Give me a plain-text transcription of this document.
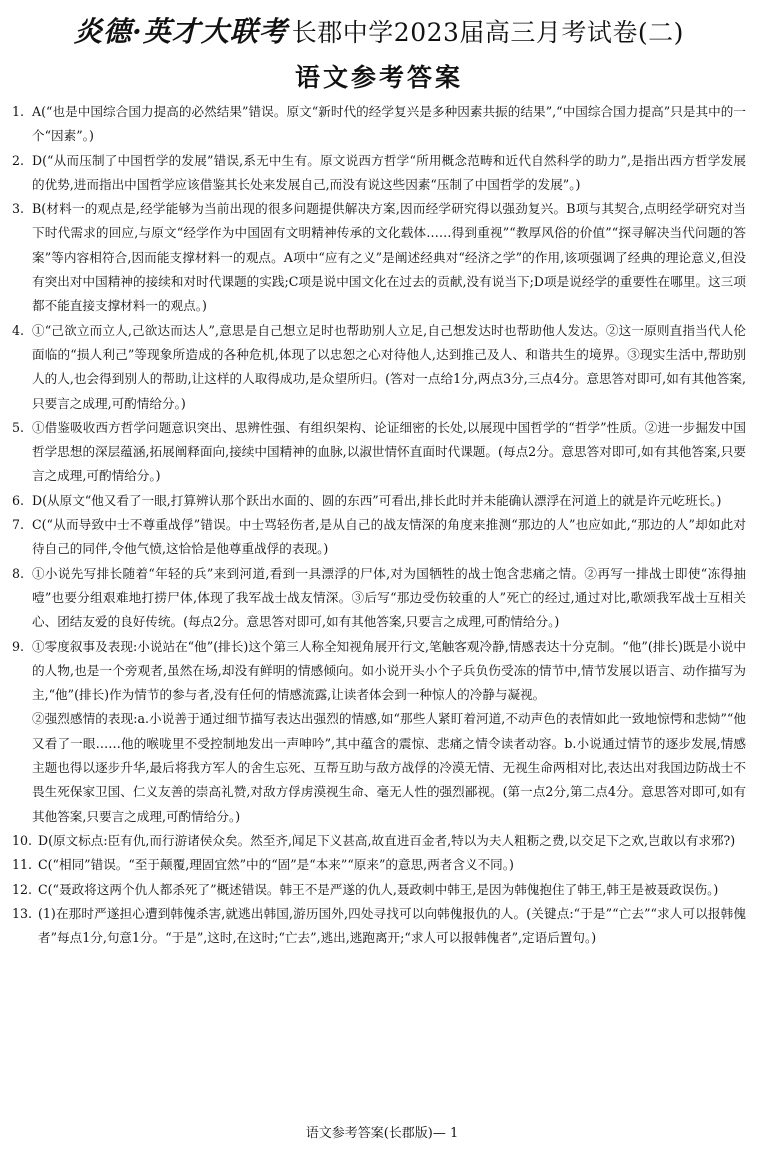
炎德·英才大联考 长郡中学2023届高三月考试卷(二)
语文参考答案
1. A(“也是中国综合国力提高的必然结果”错误。原文“新时代的经学复兴是多种因素共振的结果”,“中国综合国力提高”只是其中的一个“因素”。)
2. D(“从而压制了中国哲学的发展”错误,系无中生有。原文说西方哲学“所用概念范畴和近代自然科学的助力”,是指出西方哲学发展的优势,进而指出中国哲学应该借鉴其长处来发展自己,而没有说这些因素“压制了中国哲学的发展”。)
3. B(材料一的观点是,经学能够为当前出现的很多问题提供解决方案,因而经学研究得以强劲复兴。B项与其契合,点明经学研究对当下时代需求的回应,与原文“经学作为中国固有文明精神传承的文化载体……得到重视”“教厚风俗的价值”“探寻解决当代问题的答案”等内容相符合,因而能支撑材料一的观点。A项中“应有之义”是阐述经典对“经济之学”的作用,该项强调了经典的理论意义,但没有突出对中国精神的接续和对时代课题的实践;C项是说中国文化在过去的贡献,没有说当下;D项是说经学的重要性在哪里。这三项都不能直接支撑材料一的观点。)
4. ①“己欲立而立人,己欲达而达人”,意思是自己想立足时也帮助别人立足,自己想发达时也帮助他人发达。②这一原则直指当代人伦面临的“损人利己”等现象所造成的各种危机,体现了以忠恕之心对待他人,达到推己及人、和谐共生的境界。③现实生活中,帮助别人的人,也会得到别人的帮助,让这样的人取得成功,是众望所归。(答对一点给1分,两点3分,三点4分。意思答对即可,如有其他答案,只要言之成理,可酌情给分。)
5. ①借鉴吸收西方哲学问题意识突出、思辨性强、有组织架构、论证细密的长处,以展现中国哲学的“哲学”性质。②进一步掘发中国哲学思想的深层蕴涵,拓展阐释面向,接续中国精神的血脉,以淑世情怀直面时代课题。(每点2分。意思答对即可,如有其他答案,只要言之成理,可酌情给分。)
6. D(从原文“他又看了一眼,打算辨认那个跃出水面的、圆的东西”可看出,排长此时并未能确认漂浮在河道上的就是许元屹班长。)
7. C(“从而导致中士不尊重战俘”错误。中士骂轻伤者,是从自己的战友情深的角度来推测“那边的人”也应如此,“那边的人”却如此对待自己的同伴,令他气愤,这恰恰是他尊重战俘的表现。)
8. ①小说先写排长随着“年轻的兵”来到河道,看到一具漂浮的尸体,对为国牺牲的战士饱含悲痛之情。②再写一排战士即使“冻得抽噎”也要分组艰难地打捞尸体,体现了我军战士战友情深。③后写“那边受伤较重的人”死亡的经过,通过对比,歌颂我军战士互相关心、团结友爱的良好传统。(每点2分。意思答对即可,如有其他答案,只要言之成理,可酌情给分。)
9. ①零度叙事及表现:小说站在“他”(排长)这个第三人称全知视角展开行文,笔触客观冷静,情感表达十分克制。“他”(排长)既是小说中的人物,也是一个旁观者,虽然在场,却没有鲜明的情感倾向。如小说开头小个子兵负伤受冻的情节中,情节发展以语言、动作描写为主,“他”(排长)作为情节的参与者,没有任何的情感流露,让读者体会到一种惊人的冷静与凝视。
②强烈感情的表现:a.小说善于通过细节描写表达出强烈的情感,如“那些人紧盯着河道,不动声色的表情如此一致地惊愕和悲恸”“他又看了一眼……他的喉咙里不受控制地发出一声呻吟”,其中蕴含的震惊、悲痛之情令读者动容。b.小说通过情节的逐步发展,情感主题也得以逐步升华,最后将我方军人的舍生忘死、互帮互助与敌方战俘的冷漠无情、无视生命两相对比,表达出对我国边防战士不畏生死保家卫国、仁义友善的崇高礼赞,对敌方俘虏漠视生命、毫无人性的强烈鄙视。(第一点2分,第二点4分。意思答对即可,如有其他答案,只要言之成理,可酌情给分。)
10. D(原文标点:臣有仇,而行游诸侯众矣。然至齐,闻足下义甚高,故直进百金者,特以为夫人粗粝之费,以交足下之欢,岂敢以有求邪?)
11. C(“相同”错误。“至于颠覆,理固宜然”中的“固”是“本来”“原来”的意思,两者含义不同。)
12. C(“聂政将这两个仇人都杀死了”概述错误。韩王不是严遂的仇人,聂政刺中韩王,是因为韩傀抱住了韩王,韩王是被聂政误伤。)
13. (1)在那时严遂担心遭到韩傀杀害,就逃出韩国,游历国外,四处寻找可以向韩傀报仇的人。(关键点:“于是”“亡去”“求人可以报韩傀者”每点1分,句意1分。“于是”,这时,在这时;“亡去”,逃出,逃跑离开;“求人可以报韩傀者”,定语后置句。)
语文参考答案(长郡版)— 1
